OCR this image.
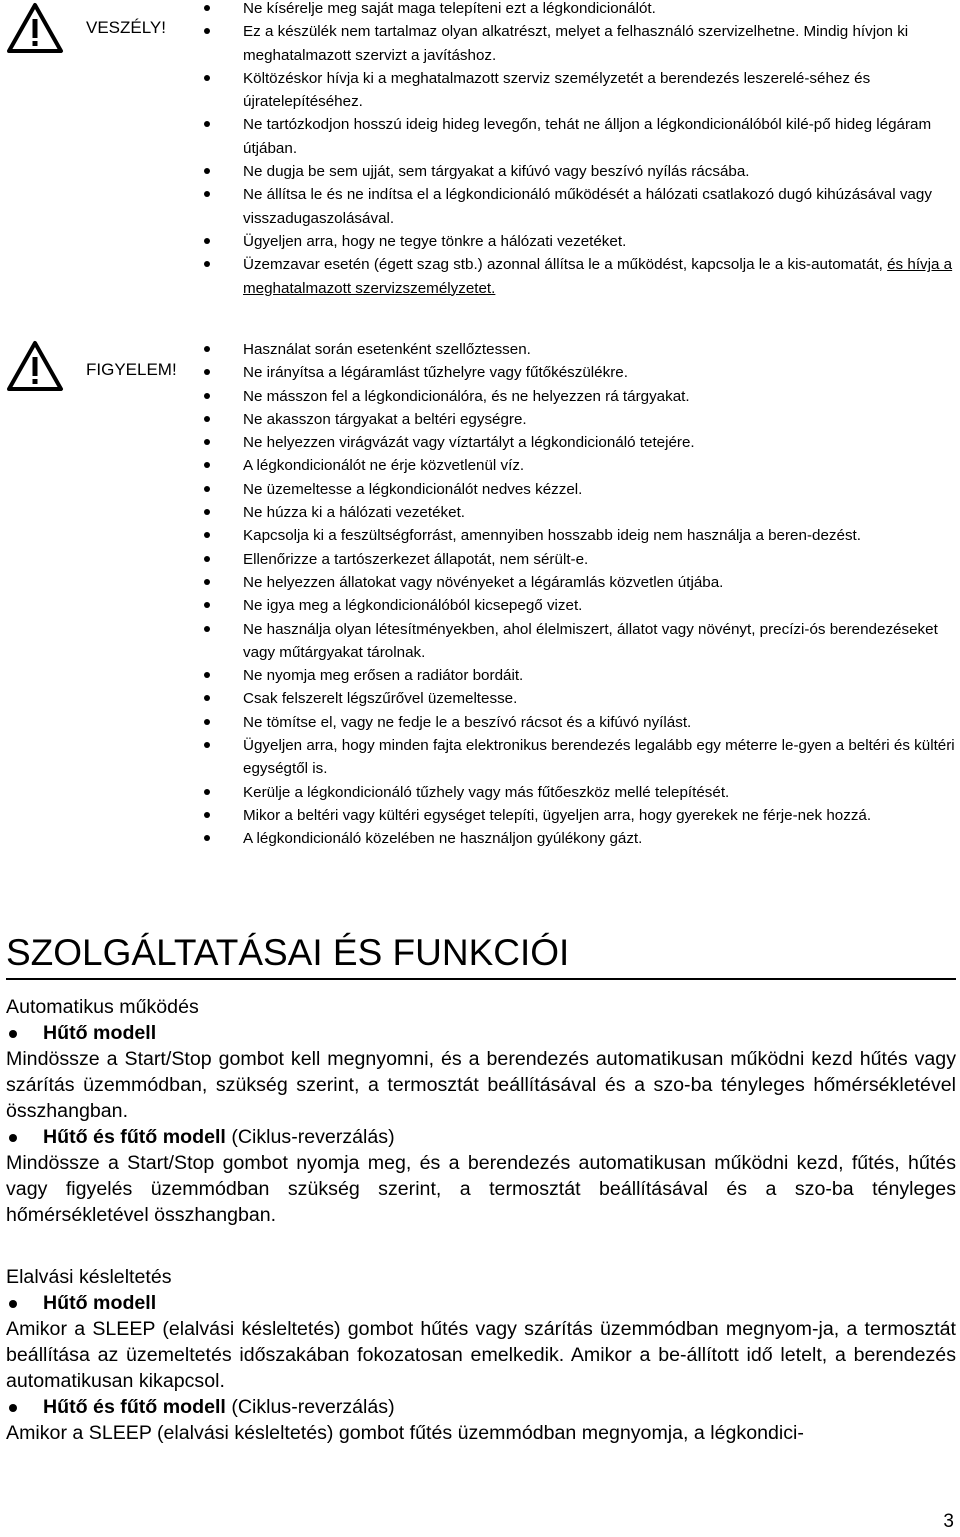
VESZÉLY!
Ne kísérelje meg saját maga telepíteni ezt a légkondicionálót.
Ez a készülék nem tartalmaz olyan alkatrészt, melyet a felhasználó szervizelhetne. Mindig hívjon ki meghatalmazott szervizt a javításhoz.
Költözéskor hívja ki a meghatalmazott szerviz személyzetét a berendezés leszerelé-séhez és újratelepítéséhez.
Ne tartózkodjon hosszú ideig hideg levegőn, tehát ne álljon a légkondicionálóból kilé-pő hideg légáram útjában.
Ne dugja be sem ujját, sem tárgyakat a kifúvó vagy beszívó nyílás rácsába.
Ne állítsa le és ne indítsa el a légkondicionáló működését a hálózati csatlakozó dugó kihúzásával vagy visszadugaszolásával.
Ügyeljen arra, hogy ne tegye tönkre a hálózati vezetéket.
Üzemzavar esetén (égett szag stb.) azonnal állítsa le a működést, kapcsolja le a kis-automatát, és hívja a meghatalmazott szervizszemélyzetet.
FIGYELEM!
Használat során esetenként szellőztessen.
Ne irányítsa a légáramlást tűzhelyre vagy fűtőkészülékre.
Ne másszon fel a légkondicionálóra, és ne helyezzen rá tárgyakat.
Ne akasszon tárgyakat a beltéri egységre.
Ne helyezzen virágvázát vagy víztartályt a légkondicionáló tetejére.
A légkondicionálót ne érje közvetlenül víz.
Ne üzemeltesse a légkondicionálót nedves kézzel.
Ne húzza ki a hálózati vezetéket.
Kapcsolja ki a feszültségforrást, amennyiben hosszabb ideig nem használja a beren-dezést.
Ellenőrizze a tartószerkezet állapotát, nem sérült-e.
Ne helyezzen állatokat vagy növényeket a légáramlás közvetlen útjába.
Ne igya meg a légkondicionálóból kicsepegő vizet.
Ne használja olyan létesítményekben, ahol élelmiszert, állatot vagy növényt, precízi-ós berendezéseket vagy műtárgyakat tárolnak.
Ne nyomja meg erősen a radiátor bordáit.
Csak felszerelt légszűrővel üzemeltesse.
Ne tömítse el, vagy ne fedje le a beszívó rácsot és a kifúvó nyílást.
Ügyeljen arra, hogy minden fajta elektronikus berendezés legalább egy méterre le-gyen a beltéri és kültéri egységtől is.
Kerülje a légkondicionáló tűzhely vagy más fűtőeszköz mellé telepítését.
Mikor a beltéri vagy kültéri egységet telepíti, ügyeljen arra, hogy gyerekek ne férje-nek hozzá.
A légkondicionáló közelében ne használjon gyúlékony gázt.
SZOLGÁLTATÁSAI ÉS FUNKCIÓI

Automatikus működés

Hűtő modell

Mindössze a Start/Stop gombot kell megnyomni, és a berendezés automatikusan működni kezd hűtés vagy szárítás üzemmódban, szükség szerint, a termosztát beállításával és a szo-ba tényleges hőmérsékletével összhangban.

Hűtő és fűtő modell (Ciklus-reverzálás)

Mindössze a Start/Stop gombot nyomja meg, és a berendezés automatikusan működni kezd, fűtés, hűtés vagy figyelés üzemmódban szükség szerint, a termosztát beállításával és a szo-ba tényleges hőmérsékletével összhangban.

Elalvási késleltetés

Hűtő modell

Amikor a SLEEP (elalvási késleltetés) gombot hűtés vagy szárítás üzemmódban megnyom-ja, a termosztát beállítása az üzemeltetés időszakában fokozatosan emelkedik. Amikor a be-állított idő letelt, a berendezés automatikusan kikapcsol.

Hűtő és fűtő modell (Ciklus-reverzálás)

Amikor a SLEEP (elalvási késleltetés) gombot fűtés üzemmódban megnyomja, a légkondici-

3
